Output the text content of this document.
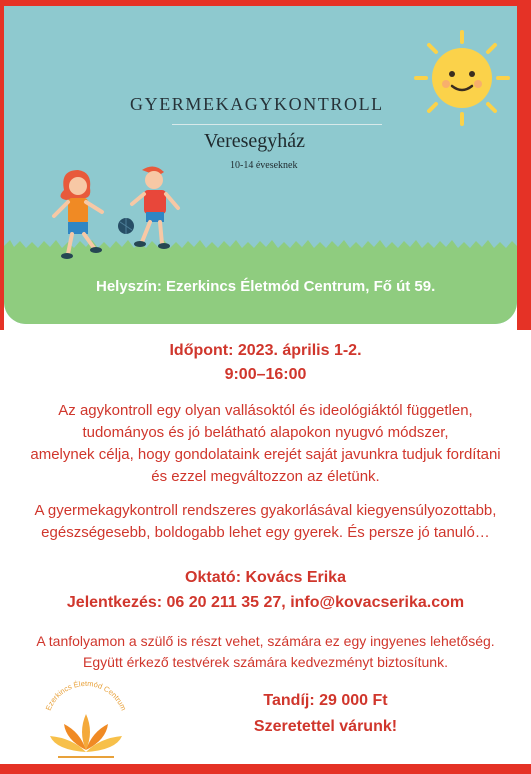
GYERMEKAGYKONTROLL
Veresegyház
10-14 éveseknek
Helyszín: Ezerkincs Életmód Centrum, Fő út 59.
Időpont: 2023. április 1-2.
9:00–16:00
Az agykontroll egy olyan vallásoktól és ideológiáktól független,
tudományos és jó belátható alapokon nyugvó módszer,
amelynek célja, hogy gondolataink erejét saját javunkra tudjuk fordítani
és ezzel megváltozzon az életünk.
A gyermekagykontroll rendszeres gyakorlásával kiegyensúlyozottabb,
egészségesebb, boldogabb lehet egy gyerek. És persze jó tanuló…
Oktató: Kovács Erika
Jelentkezés: 06 20 211 35 27, info@kovacserika.com
A tanfolyamon a szülő is részt vehet, számára ez egy ingyenes lehetőség.
Együtt érkező testvérek számára kedvezményt biztosítunk.
Tandíj: 29 000 Ft
Szeretettel várunk!
Ezerkincs Életmód Centrum
